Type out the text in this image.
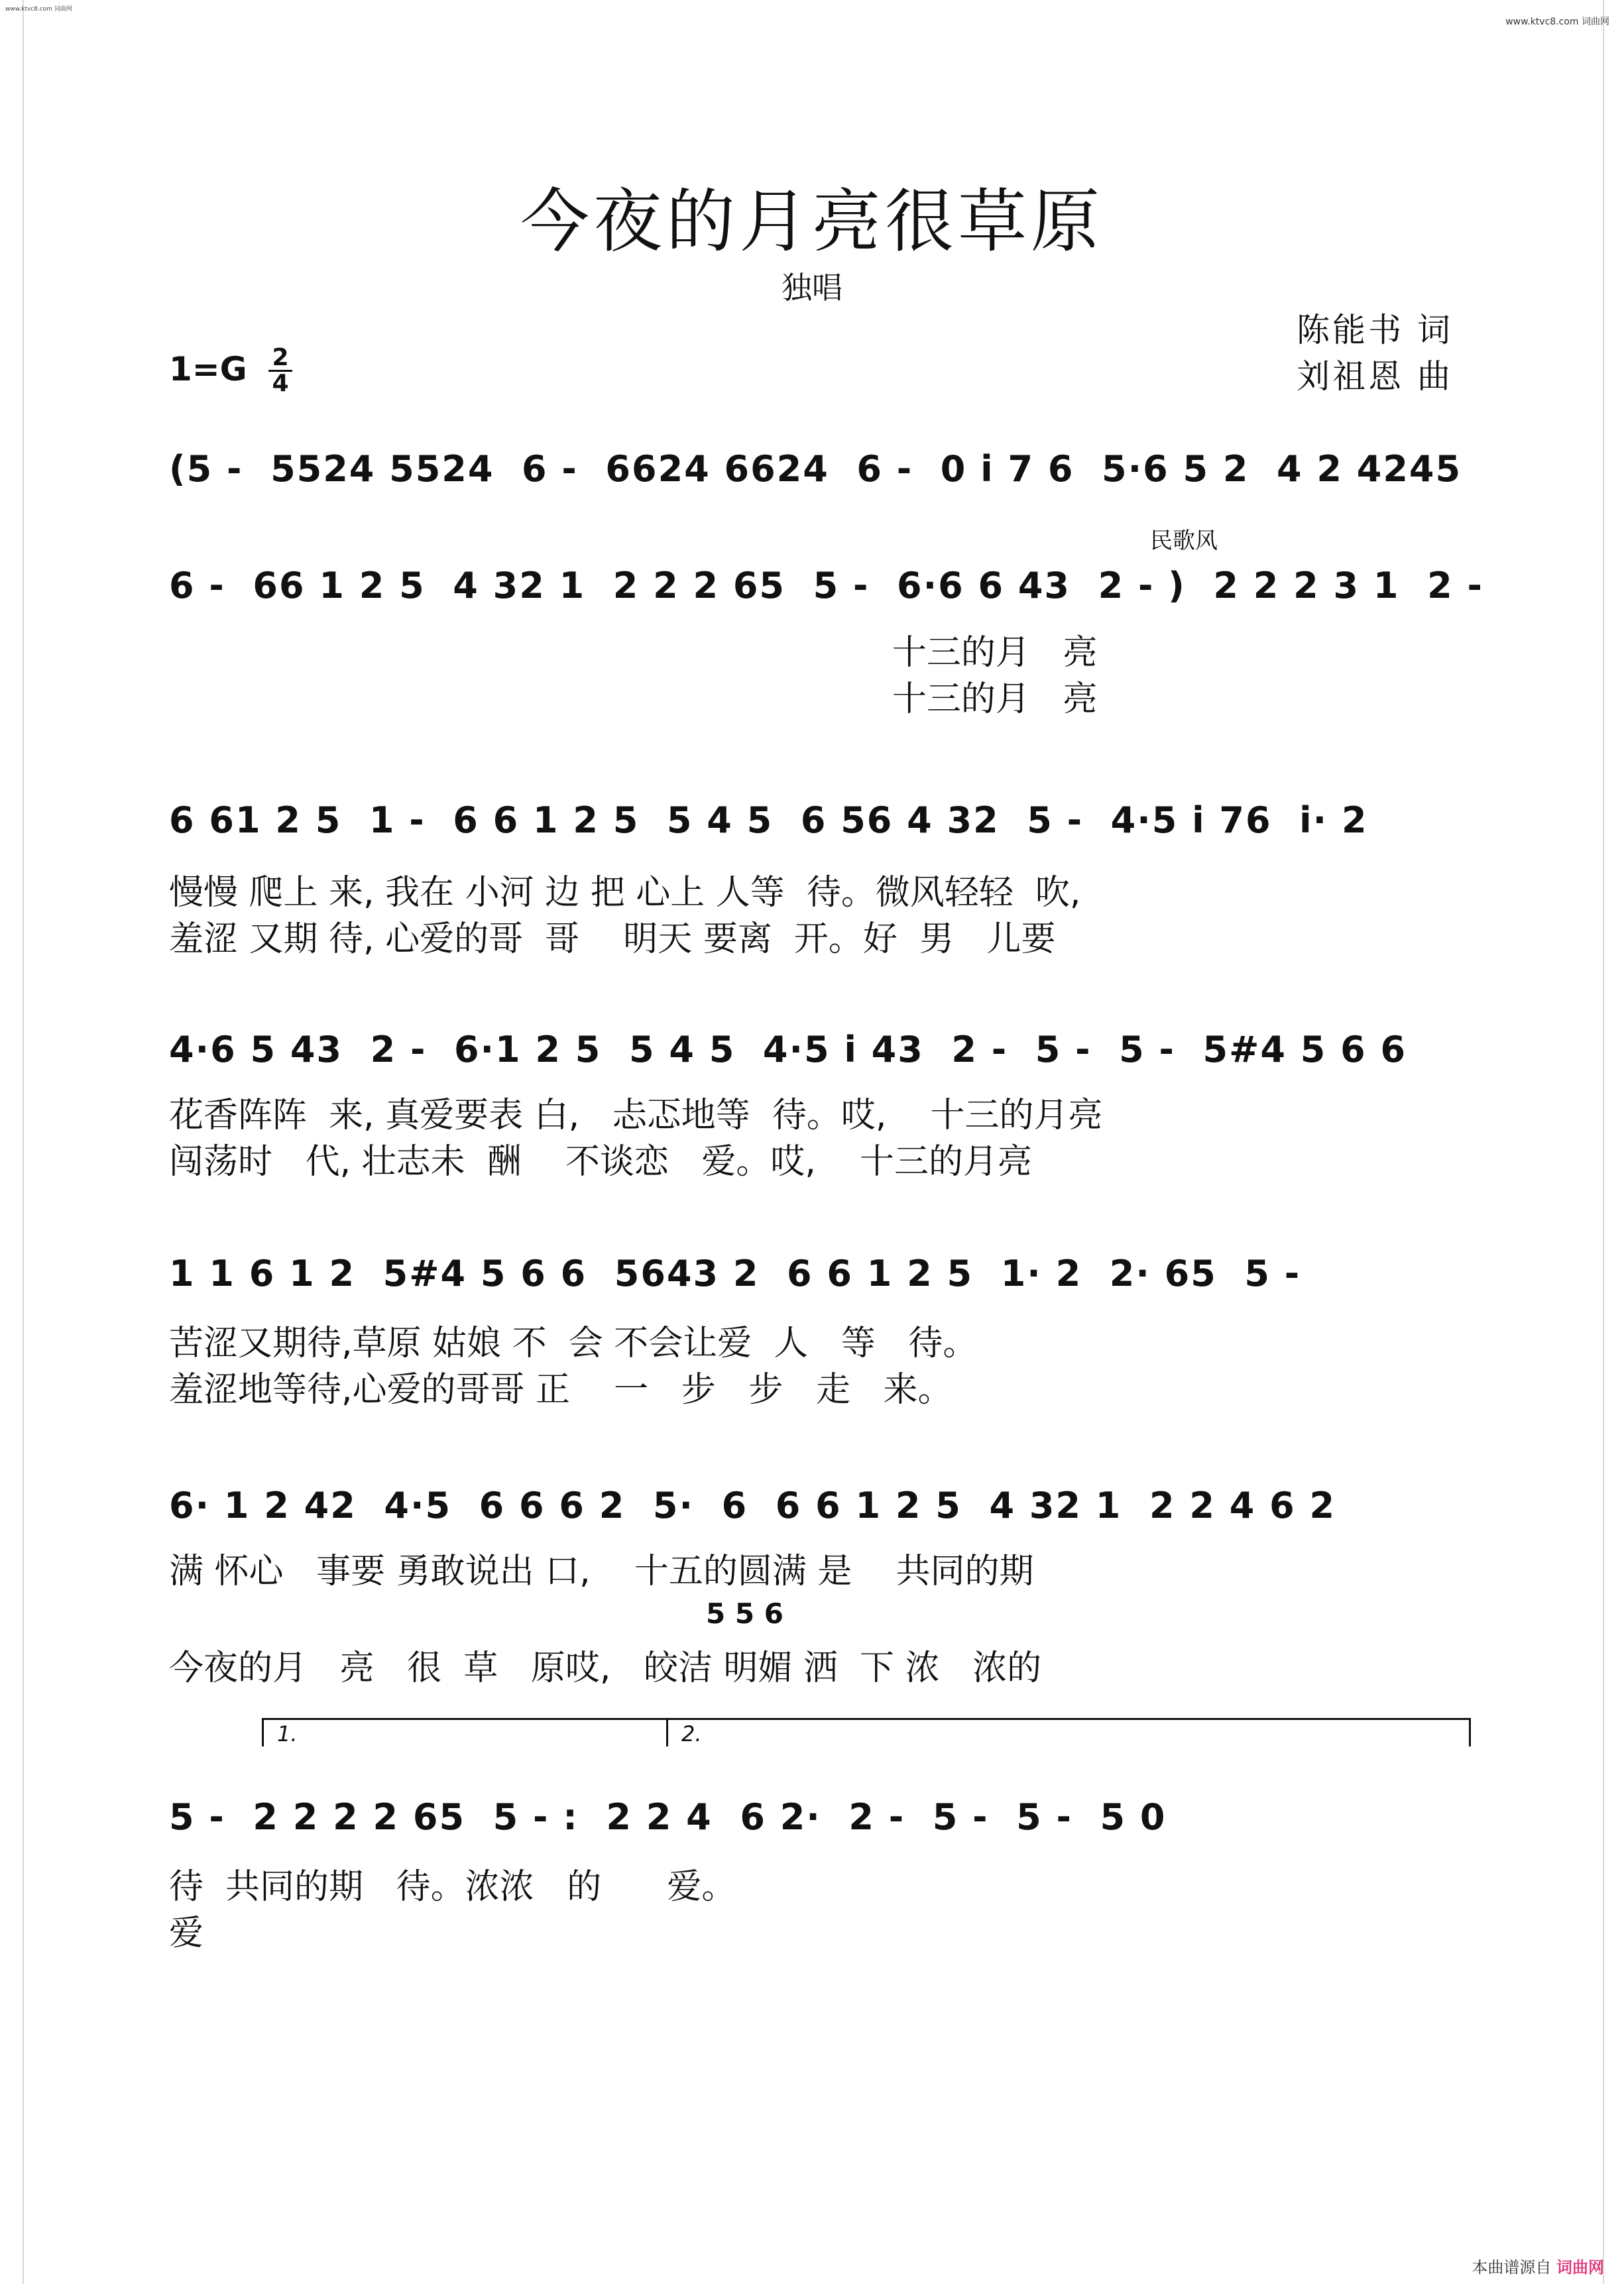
www.ktvc8.com 词曲网
www.ktvc8.com 词曲网
今夜的月亮很草原
独唱
陈能书 词
刘祖恩 曲
$1=G \frac{2}{4}$
民歌风
(5 -  5524 5524  6 -  6624 6624  6 -  0 i 7 6  5·6 5 2  4 2 4245
6 -  66 1 2 5  4 32 1  2 2 2 65  5 -  6·6 6 43  2 - )  2 2 2 3 1  2 -
十三的月   亮
十三的月   亮
6 61 2 5  1 -  6 6 1 2 5  5 4 5  6 56 4 32  5 -  4·5 i 76  i· 2
慢慢 爬上 来, 我在 小河 边 把 心上 人等  待。微风轻轻  吹,
羞涩 又期 待, 心爱的哥  哥    明天 要离  开。好  男   儿要
4·6 5 43  2 -  6·1 2 5  5 4 5  4·5 i 43  2 -  5 -  5 -  5#4 5 6 6
花香阵阵  来, 真爱要表 白,   忐忑地等  待。哎,    十三的月亮
闯荡时   代, 壮志未  酬    不谈恋   爱。哎,    十三的月亮
1 1 6 1 2  5#4 5 6 6  5643 2  6 6 1 2 5  1· 2  2· 65  5 -
苦涩又期待,草原 姑娘 不  会 不会让爱  人   等   待。
羞涩地等待,心爱的哥哥 正    一   步   步   走   来。
6· 1 2 42  4·5  6 6 6 2  5·  6  6 6 1 2 5  4 32 1  2 2 4 6 2
满 怀心   事要 勇敢说出 口,    十五的圆满 是    共同的期
今夜的月   亮   很  草   原哎,   皎洁 明媚 洒  下 浓   浓的
5 5 6
1.	2.
5 -  2 2 2 2 65  5 - :  2 2 4  6 2·  2 -  5 -  5 -  5 0
待  共同的期   待。浓浓   的      爱。
爱
本曲谱源自 词曲网
